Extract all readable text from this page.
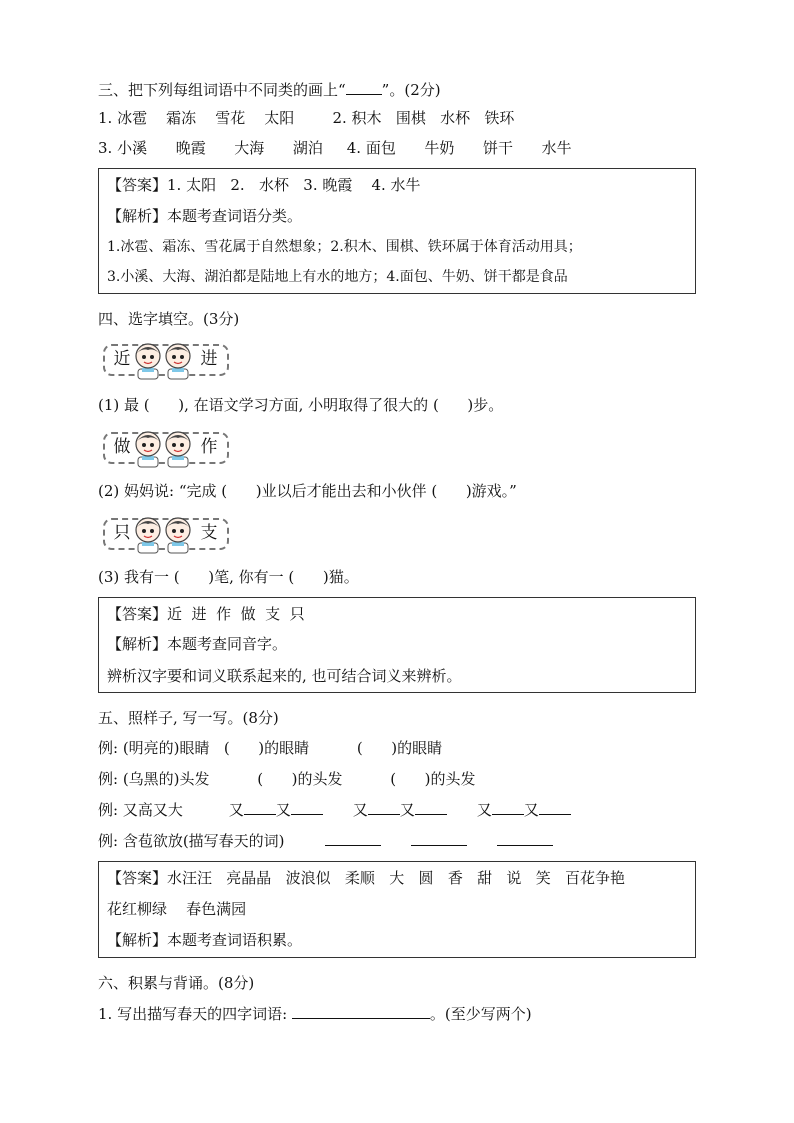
三、把下列每组词语中不同类的画上“ ”。(2分)
1. 冰雹    霜冻    雪花    太阳        2. 积木   围棋   水杯   铁环
3. 小溪      晚霞      大海      湖泊     4. 面包      牛奶      饼干      水牛
【答案】1. 太阳   2.   水杯   3. 晚霞    4. 水牛
【解析】本题考查词语分类。
1.冰雹、霜冻、雪花属于自然想象；2.积木、围棋、铁环属于体育活动用具；
3.小溪、大海、湖泊都是陆地上有水的地方；4.面包、牛奶、饼干都是食品
四、选字填空。(3分)
近	进
(1) 最 (      ), 在语文学习方面, 小明取得了很大的 (      )步。
做	作
(2) 妈妈说: “完成 (      )业以后才能出去和小伙伴 (      )游戏。”
只	支
(3) 我有一 (      )笔, 你有一 (      )猫。
【答案】近  进  作  做  支  只
【解析】本题考查同音字。
辨析汉字要和词义联系起来的, 也可结合词义来辨析。
五、照样子, 写一写。(8分)
例: (明亮的)眼睛   (      )的眼睛          (      )的眼睛
例: (乌黑的)头发          (      )的头发          (      )的头发
例: 又高又大	又 又	又 又	又 又
例: 含苞欲放(描写春天的词)
【答案】水汪汪   亮晶晶   波浪似   柔顺   大   圆   香   甜   说   笑   百花争艳
花红柳绿    春色满园
【解析】本题考查词语积累。
六、积累与背诵。(8分)
1. 写出描写春天的四字词语:	。(至少写两个)
